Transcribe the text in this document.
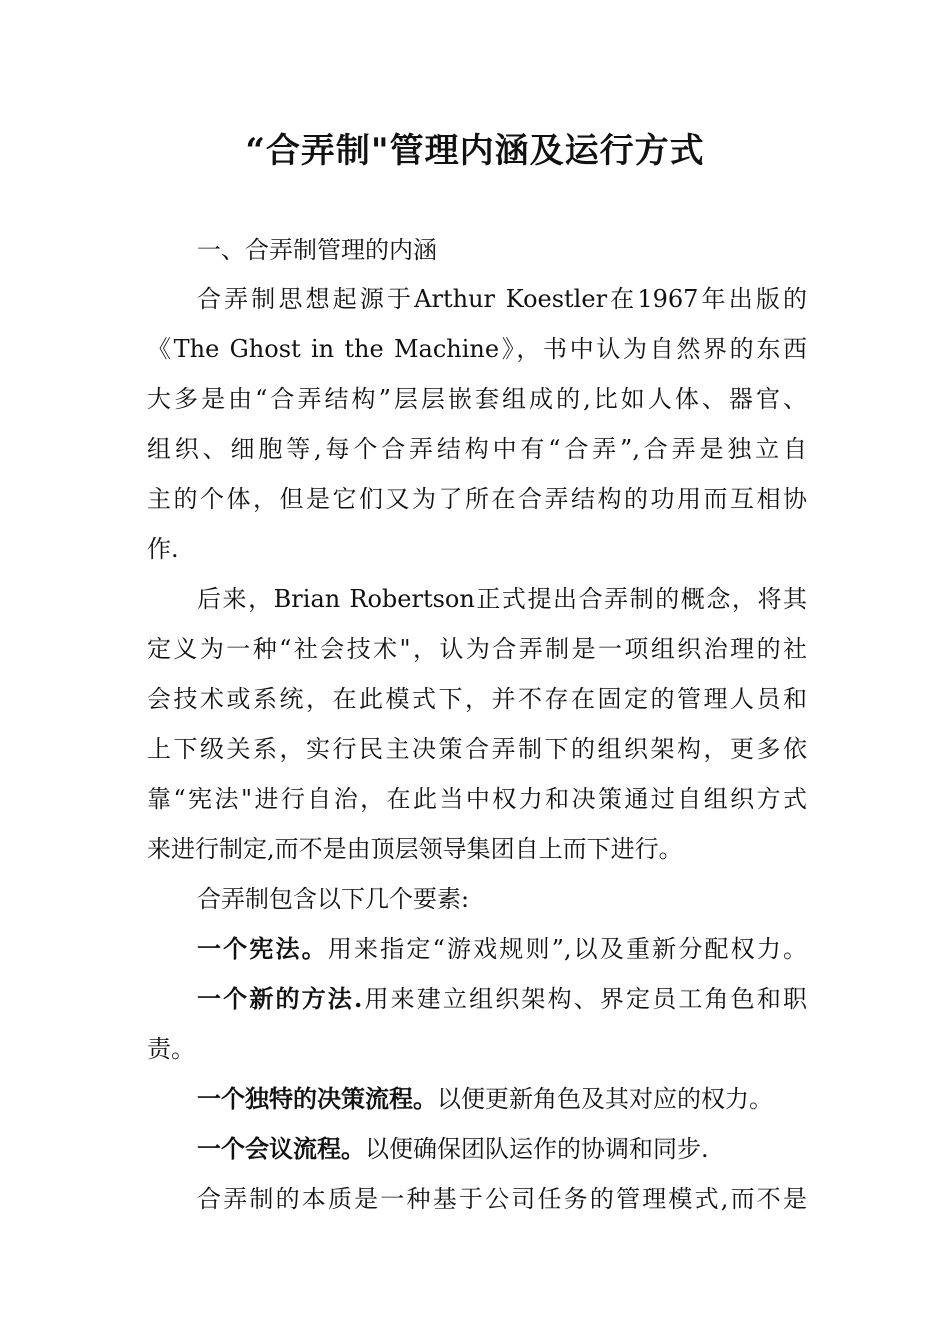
“合弄制"管理内涵及运行方式
一、合弄制管理的内涵
合弄制思想起源于Arthur Koestler在1967年出版的
《The Ghost in the Machine》，书中认为自然界的东西
大多是由“合弄结构”层层嵌套组成的,比如人体、器官、
组织、细胞等,每个合弄结构中有“合弄”,合弄是独立自
主的个体，但是它们又为了所在合弄结构的功用而互相协
作.
后来，Brian Robertson正式提出合弄制的概念，将其
定义为一种“社会技术"，认为合弄制是一项组织治理的社
会技术或系统，在此模式下，并不存在固定的管理人员和
上下级关系，实行民主决策合弄制下的组织架构，更多依
靠“宪法"进行自治，在此当中权力和决策通过自组织方式
来进行制定,而不是由顶层领导集团自上而下进行。
合弄制包含以下几个要素:
一个宪法。用来指定“游戏规则”,以及重新分配权力。
一个新的方法.用来建立组织架构、界定员工角色和职
责。
一个独特的决策流程。以便更新角色及其对应的权力。
一个会议流程。以便确保团队运作的协调和同步.
合弄制的本质是一种基于公司任务的管理模式,而不是
